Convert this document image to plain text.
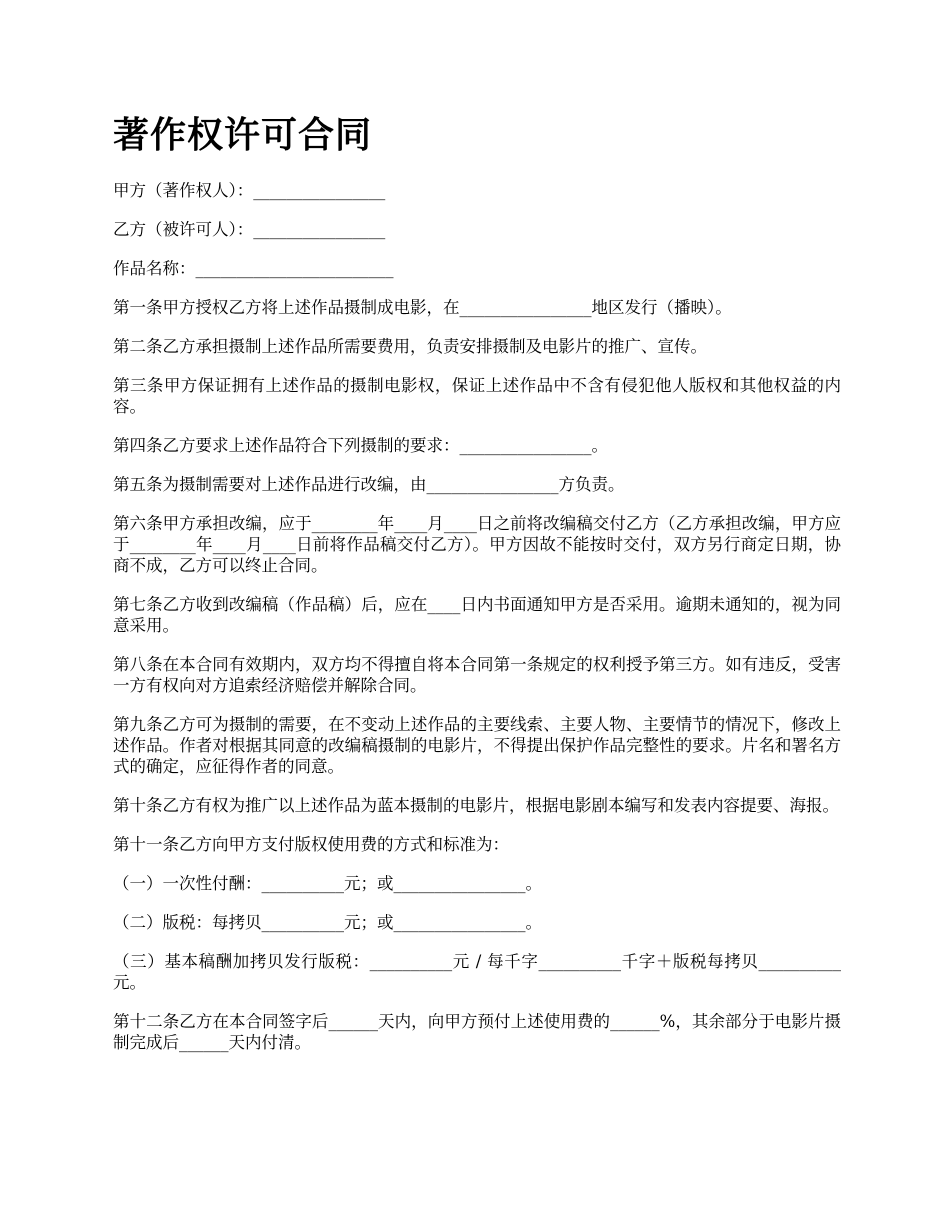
著作权许可合同

甲方（著作权人）：________________

乙方（被许可人）：________________

作品名称：________________________

第一条甲方授权乙方将上述作品摄制成电影，在________________地区发行（播映）。

第二条乙方承担摄制上述作品所需要费用，负责安排摄制及电影片的推广、宣传。

第三条甲方保证拥有上述作品的摄制电影权，保证上述作品中不含有侵犯他人版权和其他权益的内容。

第四条乙方要求上述作品符合下列摄制的要求：________________。

第五条为摄制需要对上述作品进行改编，由________________方负责。

第六条甲方承担改编，应于________年____月____日之前将改编稿交付乙方（乙方承担改编，甲方应于________年____月____日前将作品稿交付乙方）。甲方因故不能按时交付，双方另行商定日期，协商不成，乙方可以终止合同。

第七条乙方收到改编稿（作品稿）后，应在____日内书面通知甲方是否采用。逾期未通知的，视为同意采用。

第八条在本合同有效期内，双方均不得擅自将本合同第一条规定的权利授予第三方。如有违反，受害一方有权向对方追索经济赔偿并解除合同。

第九条乙方可为摄制的需要，在不变动上述作品的主要线索、主要人物、主要情节的情况下，修改上述作品。作者对根据其同意的改编稿摄制的电影片，不得提出保护作品完整性的要求。片名和署名方式的确定，应征得作者的同意。

第十条乙方有权为推广以上述作品为蓝本摄制的电影片，根据电影剧本编写和发表内容提要、海报。

第十一条乙方向甲方支付版权使用费的方式和标准为：

（一）一次性付酬：__________元；或________________。

（二）版税：每拷贝__________元；或________________。

（三）基本稿酬加拷贝发行版税：__________元 / 每千字__________千字＋版税每拷贝__________元。

第十二条乙方在本合同签字后______天内，向甲方预付上述使用费的______%，其余部分于电影片摄制完成后______天内付清。
